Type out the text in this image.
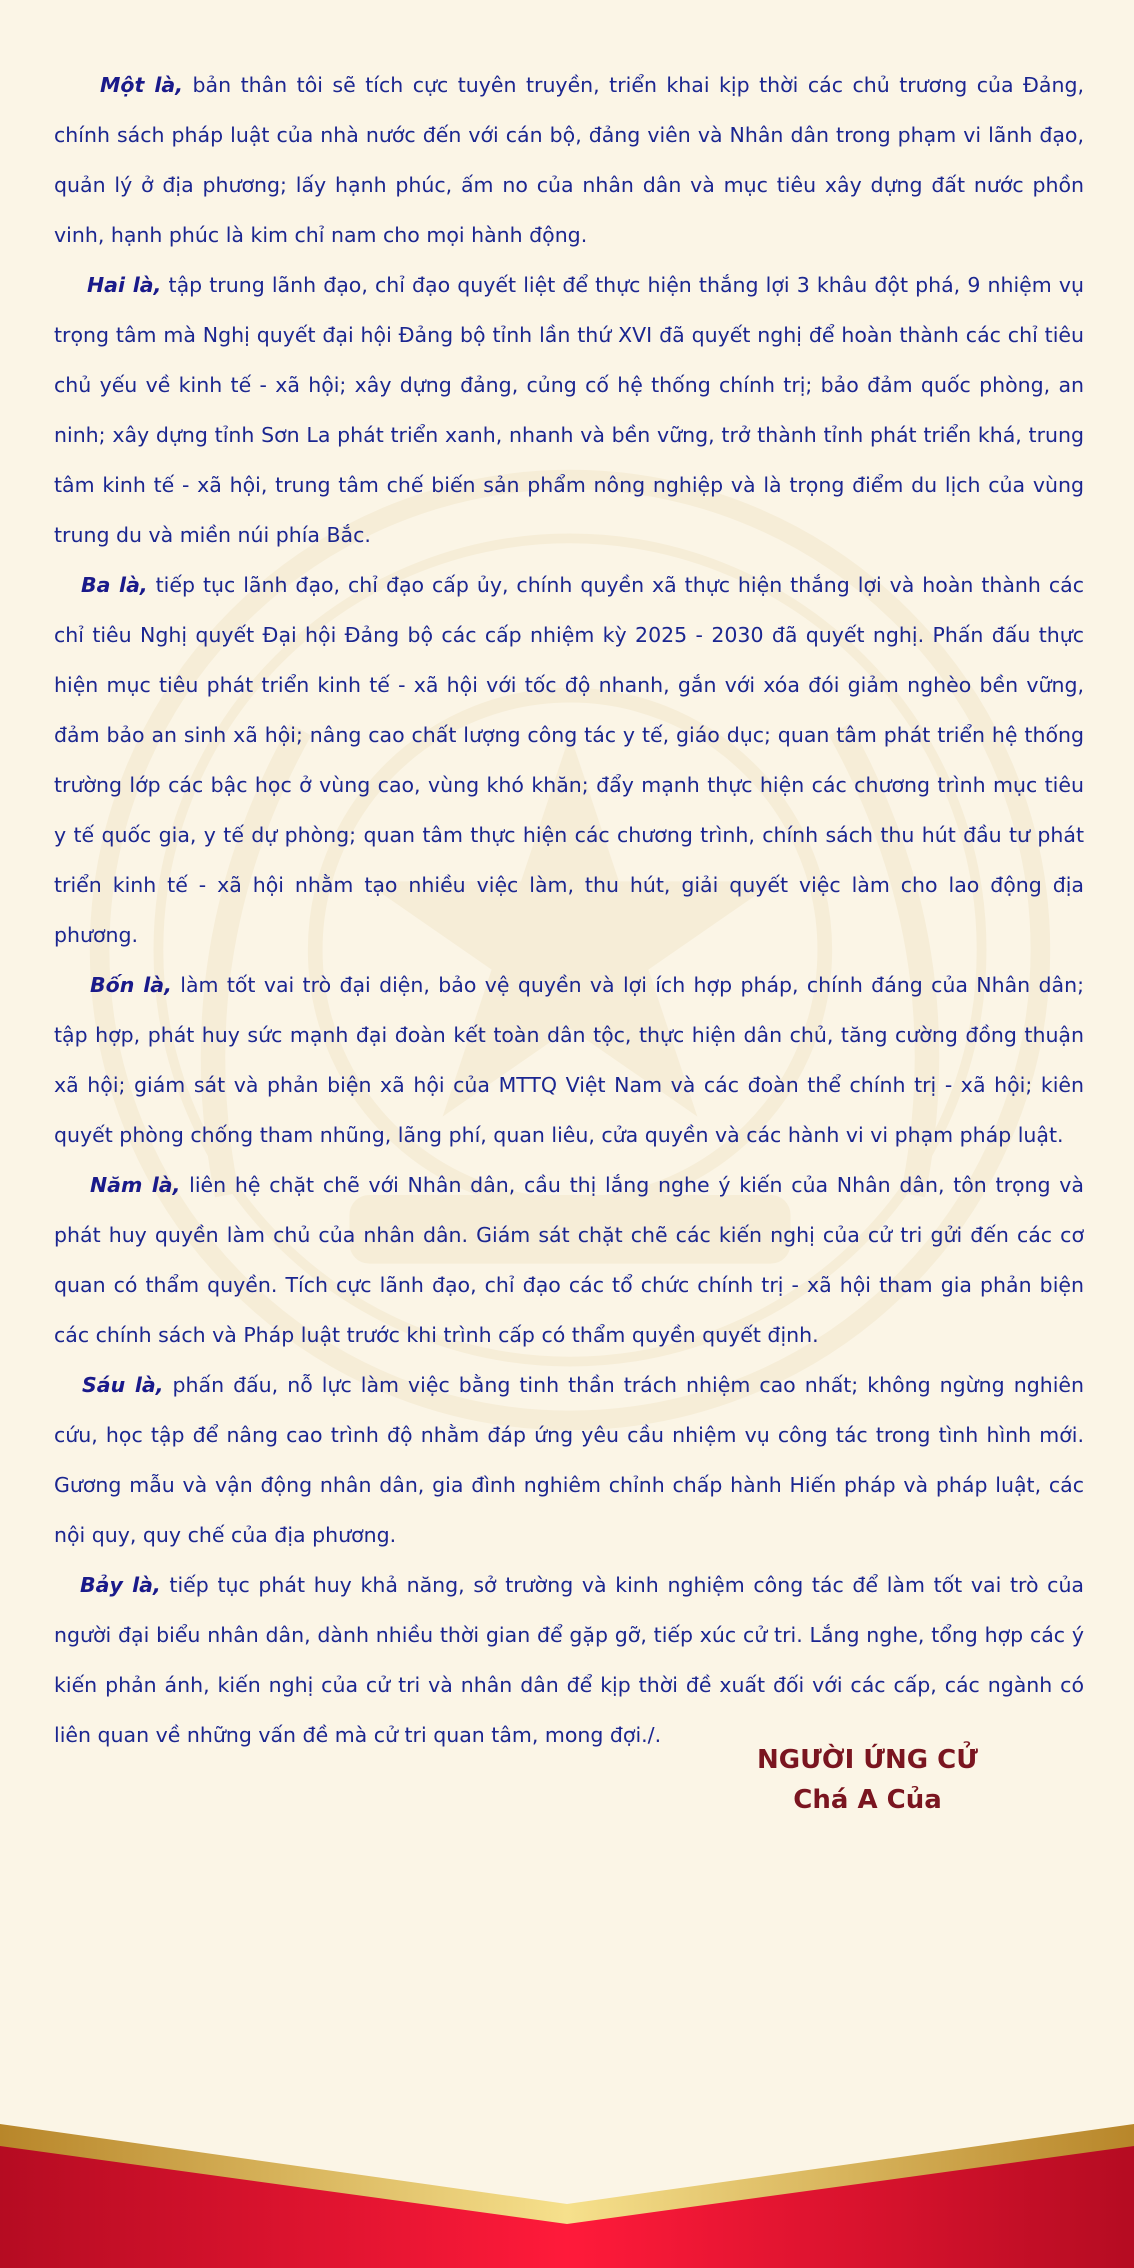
Một là, bản thân tôi sẽ tích cực tuyên truyền, triển khai kịp thời các chủ trương của Đảng, chính sách pháp luật của nhà nước đến với cán bộ, đảng viên và Nhân dân trong phạm vi lãnh đạo, quản lý ở địa phương; lấy hạnh phúc, ấm no của nhân dân và mục tiêu xây dựng đất nước phồn vinh, hạnh phúc là kim chỉ nam cho mọi hành động.

Hai là, tập trung lãnh đạo, chỉ đạo quyết liệt để thực hiện thắng lợi 3 khâu đột phá, 9 nhiệm vụ trọng tâm mà Nghị quyết đại hội Đảng bộ tỉnh lần thứ XVI đã quyết nghị để hoàn thành các chỉ tiêu chủ yếu về kinh tế - xã hội; xây dựng đảng, củng cố hệ thống chính trị; bảo đảm quốc phòng, an ninh; xây dựng tỉnh Sơn La phát triển xanh, nhanh và bền vững, trở thành tỉnh phát triển khá, trung tâm kinh tế - xã hội, trung tâm chế biến sản phẩm nông nghiệp và là trọng điểm du lịch của vùng trung du và miền núi phía Bắc.

Ba là, tiếp tục lãnh đạo, chỉ đạo cấp ủy, chính quyền xã thực hiện thắng lợi và hoàn thành các chỉ tiêu Nghị quyết Đại hội Đảng bộ các cấp nhiệm kỳ 2025 - 2030 đã quyết nghị. Phấn đấu thực hiện mục tiêu phát triển kinh tế - xã hội với tốc độ nhanh, gắn với xóa đói giảm nghèo bền vững, đảm bảo an sinh xã hội; nâng cao chất lượng công tác y tế, giáo dục; quan tâm phát triển hệ thống trường lớp các bậc học ở vùng cao, vùng khó khăn; đẩy mạnh thực hiện các chương trình mục tiêu y tế quốc gia, y tế dự phòng; quan tâm thực hiện các chương trình, chính sách thu hút đầu tư phát triển kinh tế - xã hội nhằm tạo nhiều việc làm, thu hút, giải quyết việc làm cho lao động địa phương.

Bốn là, làm tốt vai trò đại diện, bảo vệ quyền và lợi ích hợp pháp, chính đáng của Nhân dân; tập hợp, phát huy sức mạnh đại đoàn kết toàn dân tộc, thực hiện dân chủ, tăng cường đồng thuận xã hội; giám sát và phản biện xã hội của MTTQ Việt Nam và các đoàn thể chính trị - xã hội; kiên quyết phòng chống tham nhũng, lãng phí, quan liêu, cửa quyền và các hành vi vi phạm pháp luật.

Năm là, liên hệ chặt chẽ với Nhân dân, cầu thị lắng nghe ý kiến của Nhân dân, tôn trọng và phát huy quyền làm chủ của nhân dân. Giám sát chặt chẽ các kiến nghị của cử tri gửi đến các cơ quan có thẩm quyền. Tích cực lãnh đạo, chỉ đạo các tổ chức chính trị - xã hội tham gia phản biện các chính sách và Pháp luật trước khi trình cấp có thẩm quyền quyết định.

Sáu là, phấn đấu, nỗ lực làm việc bằng tinh thần trách nhiệm cao nhất; không ngừng nghiên cứu, học tập để nâng cao trình độ nhằm đáp ứng yêu cầu nhiệm vụ công tác trong tình hình mới. Gương mẫu và vận động nhân dân, gia đình nghiêm chỉnh chấp hành Hiến pháp và pháp luật, các nội quy, quy chế của địa phương.

Bảy là, tiếp tục phát huy khả năng, sở trường và kinh nghiệm công tác để làm tốt vai trò của người đại biểu nhân dân, dành nhiều thời gian để gặp gỡ, tiếp xúc cử tri. Lắng nghe, tổng hợp các ý kiến phản ánh, kiến nghị của cử tri và nhân dân để kịp thời đề xuất đối với các cấp, các ngành có liên quan về những vấn đề mà cử tri quan tâm, mong đợi./.

NGƯỜI ỨNG CỬ
Chá A Của
